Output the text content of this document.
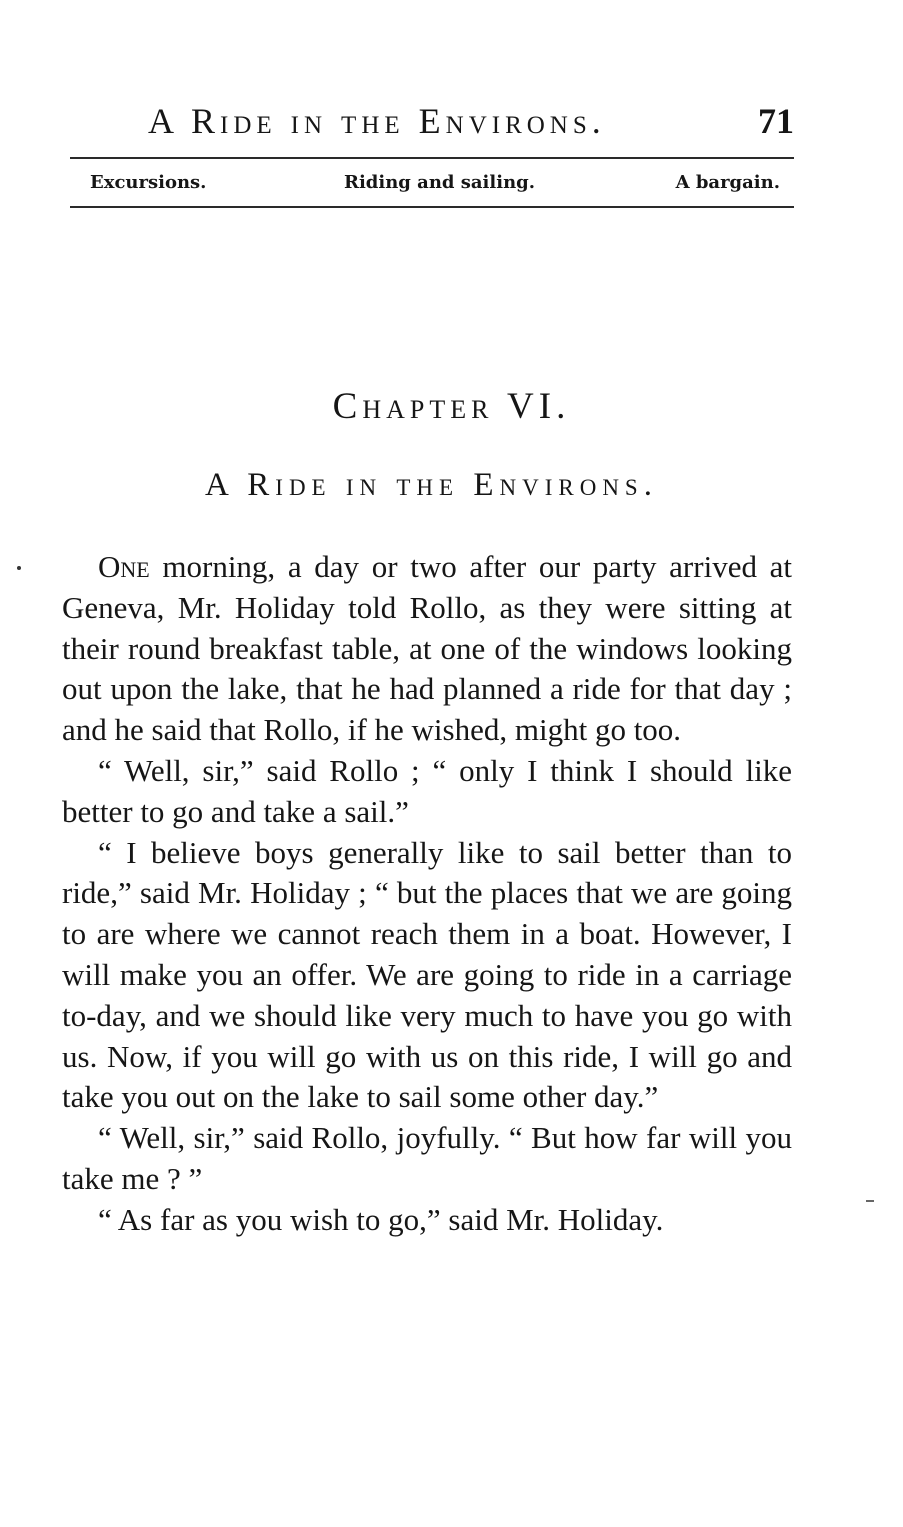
A Ride in the Environs.	71
Excursions.	Riding and sailing.	A bargain.
Chapter VI.
A Ride in the Environs.

One morning, a day or two after our party arrived at Geneva, Mr. Holiday told Rollo, as they were sitting at their round breakfast table, at one of the windows looking out upon the lake, that he had planned a ride for that day ; and he said that Rollo, if he wished, might go too.

“ Well, sir,” said Rollo ; “ only I think I should like better to go and take a sail.”

“ I believe boys generally like to sail better than to ride,” said Mr. Holiday ; “ but the places that we are going to are where we cannot reach them in a boat. However, I will make you an offer. We are going to ride in a carriage to-day, and we should like very much to have you go with us. Now, if you will go with us on this ride, I will go and take you out on the lake to sail some other day.”

“ Well, sir,” said Rollo, joyfully. “ But how far will you take me ? ”

“ As far as you wish to go,” said Mr. Holiday.
